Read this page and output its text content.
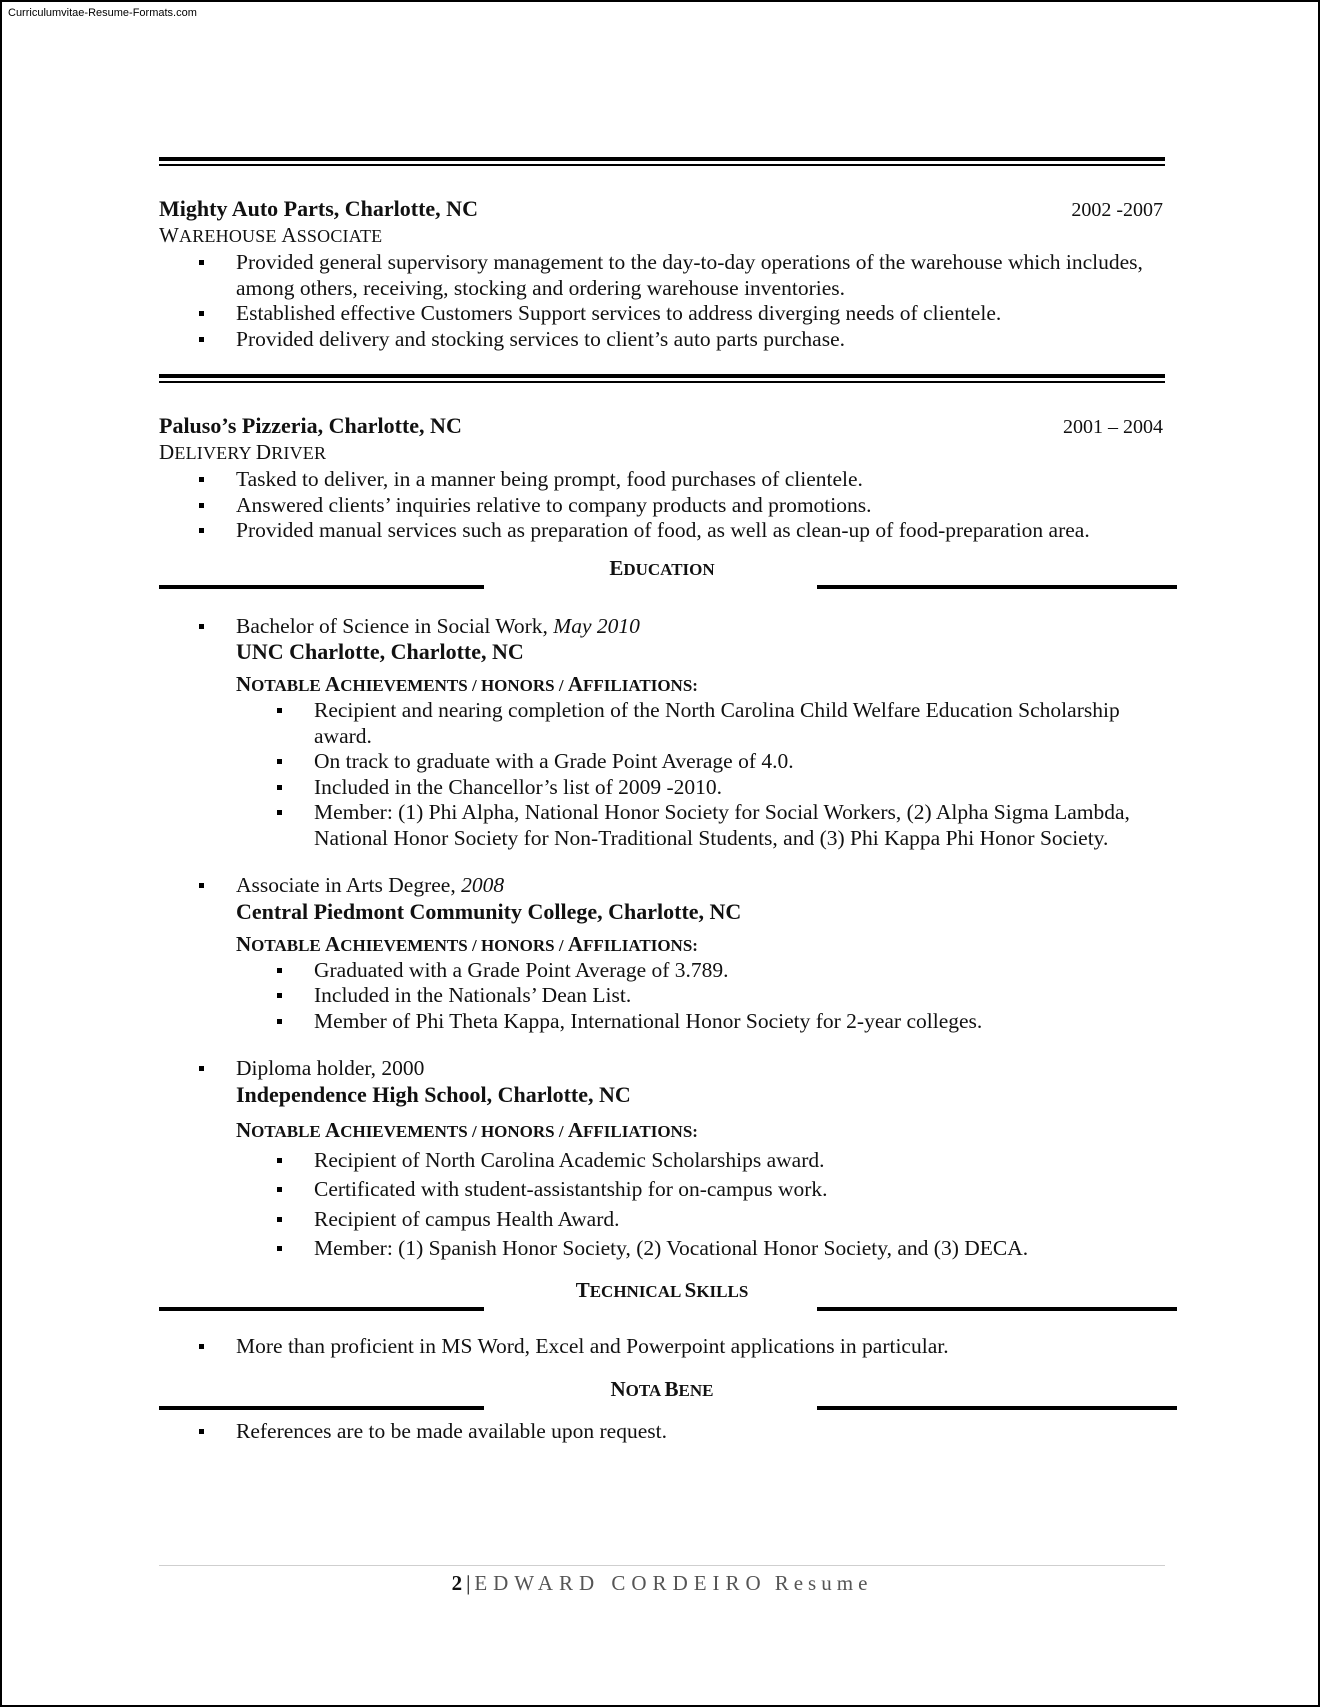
Curriculumvitae-Resume-Formats.com
Mighty Auto Parts, Charlotte, NC	2002 -2007
WAREHOUSE ASSOCIATE
Provided general supervisory management to the day-to-day operations of the warehouse which includes, among others, receiving, stocking and ordering warehouse inventories.
Established effective Customers Support services to address diverging needs of clientele.
Provided delivery and stocking services to client’s auto parts purchase.
Paluso’s Pizzeria, Charlotte, NC	2001 – 2004
DELIVERY DRIVER
Tasked to deliver, in a manner being prompt, food purchases of clientele.
Answered clients’ inquiries relative to company products and promotions.
Provided manual services such as preparation of food, as well as clean-up of food-preparation area.
EDUCATION
Bachelor of Science in Social Work, May 2010
UNC Charlotte, Charlotte, NC
NOTABLE ACHIEVEMENTS / HONORS / AFFILIATIONS:
Recipient and nearing completion of the North Carolina Child Welfare Education Scholarship award.
On track to graduate with a Grade Point Average of 4.0.
Included in the Chancellor’s list of 2009 -2010.
Member: (1) Phi Alpha, National Honor Society for Social Workers, (2) Alpha Sigma Lambda, National Honor Society for Non-Traditional Students, and (3) Phi Kappa Phi Honor Society.
Associate in Arts Degree, 2008
Central Piedmont Community College, Charlotte, NC
NOTABLE ACHIEVEMENTS / HONORS / AFFILIATIONS:
Graduated with a Grade Point Average of 3.789.
Included in the Nationals’ Dean List.
Member of Phi Theta Kappa, International Honor Society for 2-year colleges.
Diploma holder, 2000
Independence High School, Charlotte, NC
NOTABLE ACHIEVEMENTS / HONORS / AFFILIATIONS:
Recipient of North Carolina Academic Scholarships award.
Certificated with student-assistantship for on-campus work.
Recipient of campus Health Award.
Member: (1) Spanish Honor Society, (2) Vocational Honor Society, and (3) DECA.
TECHNICAL SKILLS
More than proficient in MS Word, Excel and Powerpoint applications in particular.
NOTA BENE
References are to be made available upon request.
2 | EDWARD CORDEIRO Resume
